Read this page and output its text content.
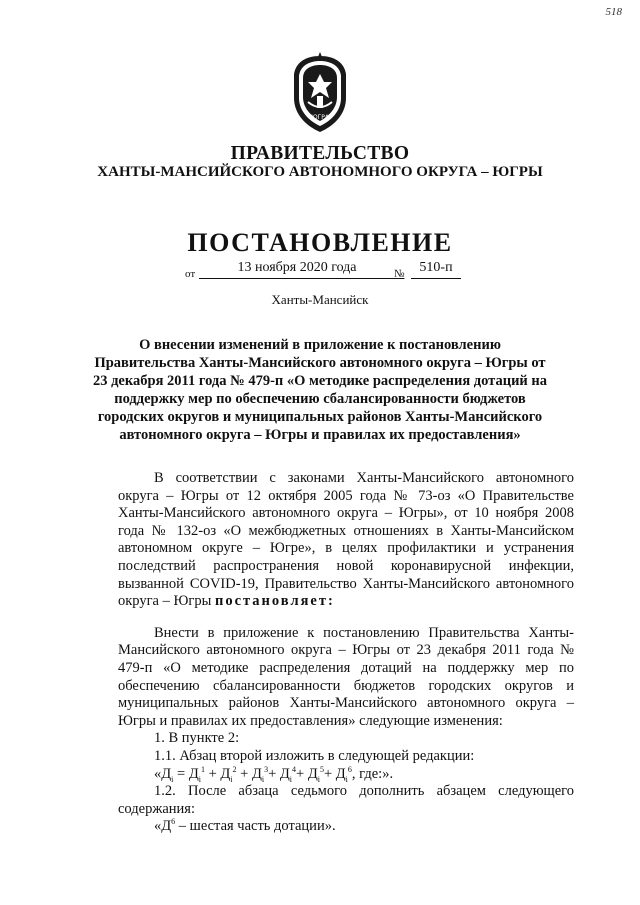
518
ЮГРА
ПРАВИТЕЛЬСТВО
ХАНТЫ-МАНСИЙСКОГО АВТОНОМНОГО ОКРУГА – ЮГРЫ
ПОСТАНОВЛЕНИЕ
от	13 ноября 2020 года	№	510-п
Ханты-Мансийск
О внесении изменений в приложение к постановлению Правительства Ханты-Мансийского автономного округа – Югры от 23 декабря 2011 года № 479-п «О методике распределения дотаций на поддержку мер по обеспечению сбалансированности бюджетов городских округов и муниципальных районов Ханты-Мансийского автономного округа – Югры и правилах их предоставления»

В соответствии с законами Ханты-Мансийского автономного округа – Югры от 12 октября 2005 года № 73-оз «О Правительстве Ханты-Мансийского автономного округа – Югры», от 10 ноября 2008 года № 132-оз «О межбюджетных отношениях в Ханты-Мансийском автономном округе – Югре», в целях профилактики и устранения последствий распространения новой коронавирусной инфекции, вызванной COVID-19, Правительство Ханты-Мансийского автономного округа – Югры постановляет:

Внести в приложение к постановлению Правительства Ханты-Мансийского автономного округа – Югры от 23 декабря 2011 года № 479-п «О методике распределения дотаций на поддержку мер по обеспечению сбалансированности бюджетов городских округов и муниципальных районов Ханты-Мансийского автономного округа – Югры и правилах их предоставления» следующие изменения:

1. В пункте 2:

1.1. Абзац второй изложить в следующей редакции:

«$Д_i = Д_i^1 + Д_i^2 + Д_i^3+ Д_i^4+ Д_i^5+ Д_i^6$, где:».

1.2. После абзаца седьмого дополнить абзацем следующего содержания:

«$Д^6$ – шестая часть дотации».
